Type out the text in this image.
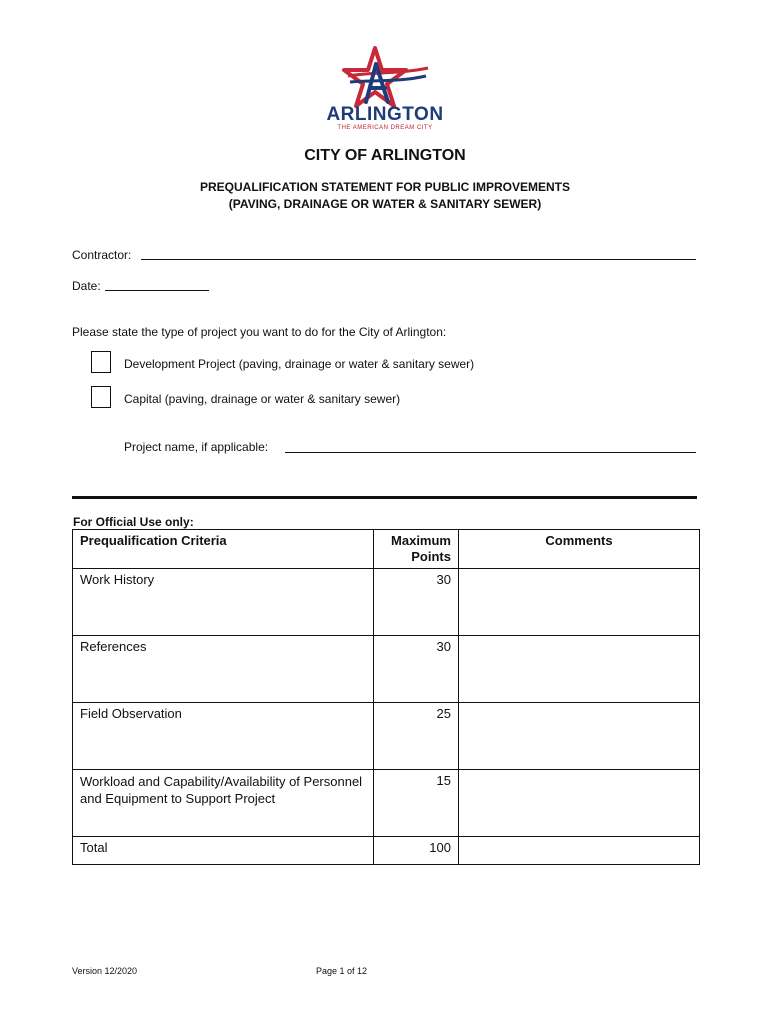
ARLINGTON
THE AMERICAN DREAM CITY
CITY OF ARLINGTON
PREQUALIFICATION STATEMENT FOR PUBLIC IMPROVEMENTS
(PAVING, DRAINAGE OR WATER & SANITARY SEWER)
Contractor:
Date:
Please state the type of project you want to do for the City of Arlington:
Development Project (paving, drainage or water & sanitary sewer)
Capital (paving, drainage or water & sanitary sewer)
Project name, if applicable:
For Official Use only:
Prequalification Criteria	Maximum Points	Comments
Work History	30	
References	30	
Field Observation	25	
Workload and Capability/Availability of Personnel and Equipment to Support Project	15	
Total	100	
Version 12/2020	Page 1 of 12
